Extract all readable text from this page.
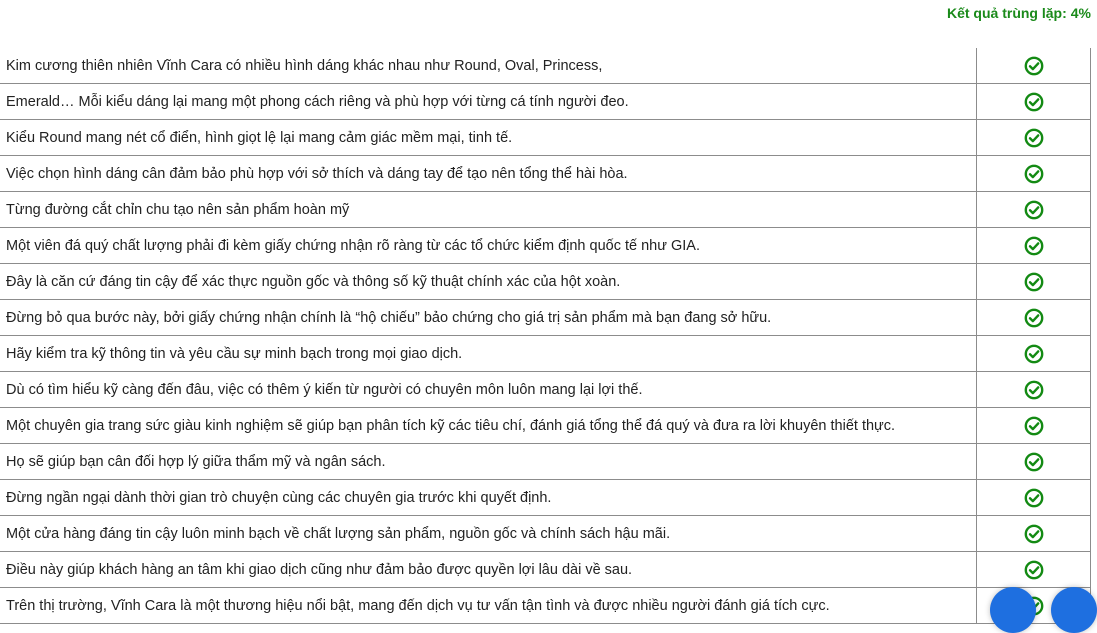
Kết quả trùng lặp: 4%
Kim cương thiên nhiên Vĩnh Cara có nhiều hình dáng khác nhau như Round, Oval, Princess,	
Emerald… Mỗi kiểu dáng lại mang một phong cách riêng và phù hợp với từng cá tính người đeo.	
Kiểu Round mang nét cổ điển, hình giọt lệ lại mang cảm giác mềm mại, tinh tế.	
Việc chọn hình dáng cân đảm bảo phù hợp với sở thích và dáng tay để tạo nên tổng thể hài hòa.	
Từng đường cắt chỉn chu tạo nên sản phẩm hoàn mỹ	
Một viên đá quý chất lượng phải đi kèm giấy chứng nhận rõ ràng từ các tổ chức kiểm định quốc tế như GIA.	
Đây là căn cứ đáng tin cậy để xác thực nguồn gốc và thông số kỹ thuật chính xác của hột xoàn.	
Đừng bỏ qua bước này, bởi giấy chứng nhận chính là “hộ chiếu” bảo chứng cho giá trị sản phẩm mà bạn đang sở hữu.	
Hãy kiểm tra kỹ thông tin và yêu cầu sự minh bạch trong mọi giao dịch.	
Dù có tìm hiểu kỹ càng đến đâu, việc có thêm ý kiến từ người có chuyên môn luôn mang lại lợi thế.	
Một chuyên gia trang sức giàu kinh nghiệm sẽ giúp bạn phân tích kỹ các tiêu chí, đánh giá tổng thể đá quý và đưa ra lời khuyên thiết thực.	
Họ sẽ giúp bạn cân đối hợp lý giữa thẩm mỹ và ngân sách.	
Đừng ngần ngại dành thời gian trò chuyện cùng các chuyên gia trước khi quyết định.	
Một cửa hàng đáng tin cậy luôn minh bạch về chất lượng sản phẩm, nguồn gốc và chính sách hậu mãi.	
Điều này giúp khách hàng an tâm khi giao dịch cũng như đảm bảo được quyền lợi lâu dài về sau.	
Trên thị trường, Vĩnh Cara là một thương hiệu nổi bật, mang đến dịch vụ tư vấn tận tình và được nhiều người đánh giá tích cực.	
